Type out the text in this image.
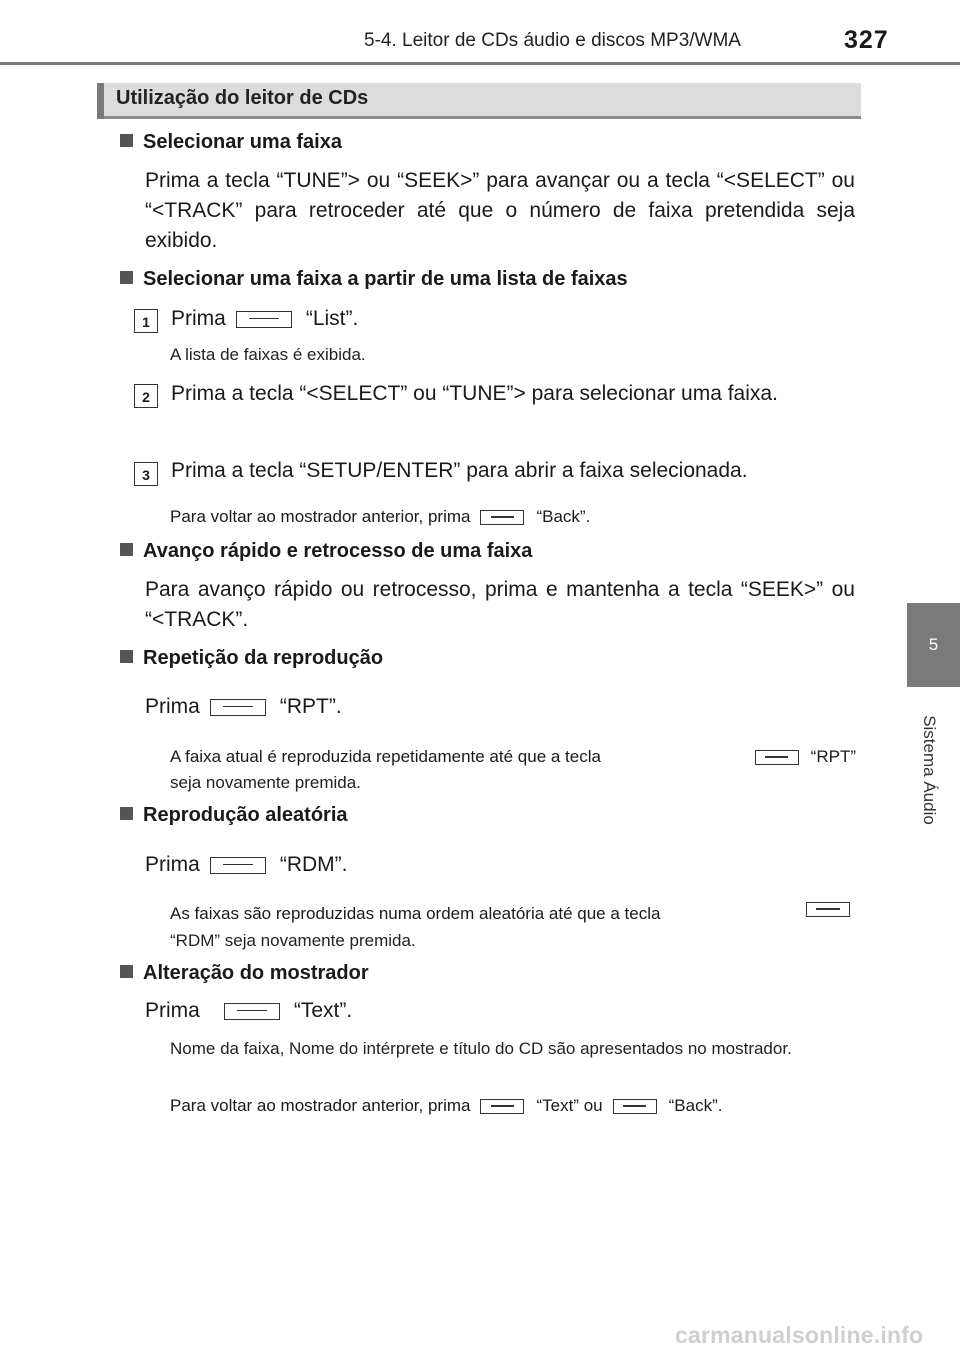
5-4. Leitor de CDs áudio e discos MP3/WMA	327
5
Sistema Áudio
Utilização do leitor de CDs
Selecionar uma faixa
Prima a tecla “TUNE”> ou “SEEK>” para avançar ou a tecla “<SELECT” ou “<TRACK” para retroceder até que o número de faixa pretendida seja exibido.
Selecionar uma faixa a partir de uma lista de faixas
1	Prima	“List”.
A lista de faixas é exibida.
2	Prima a tecla “<SELECT” ou “TUNE”> para selecionar uma faixa.
3	Prima a tecla “SETUP/ENTER” para abrir a faixa selecionada.
Para voltar ao mostrador anterior, prima	“Back”.
Avanço rápido e retrocesso de uma faixa
Para avanço rápido ou retrocesso, prima e mantenha a tecla “SEEK>” ou “<TRACK”.
Repetição da reprodução
Prima	“RPT”.
A faixa atual é reproduzida repetidamente até que a tecla	“RPT”
seja novamente premida.
Reprodução aleatória
Prima	“RDM”.
As faixas são reproduzidas numa ordem aleatória até que a tecla
“RDM” seja novamente premida.
Alteração do mostrador
Prima	“Text”.
Nome da faixa, Nome do intérprete e título do CD são apresentados no mostrador.
Para voltar ao mostrador anterior, prima	“Text” ou	“Back”.
carmanualsonline.info
